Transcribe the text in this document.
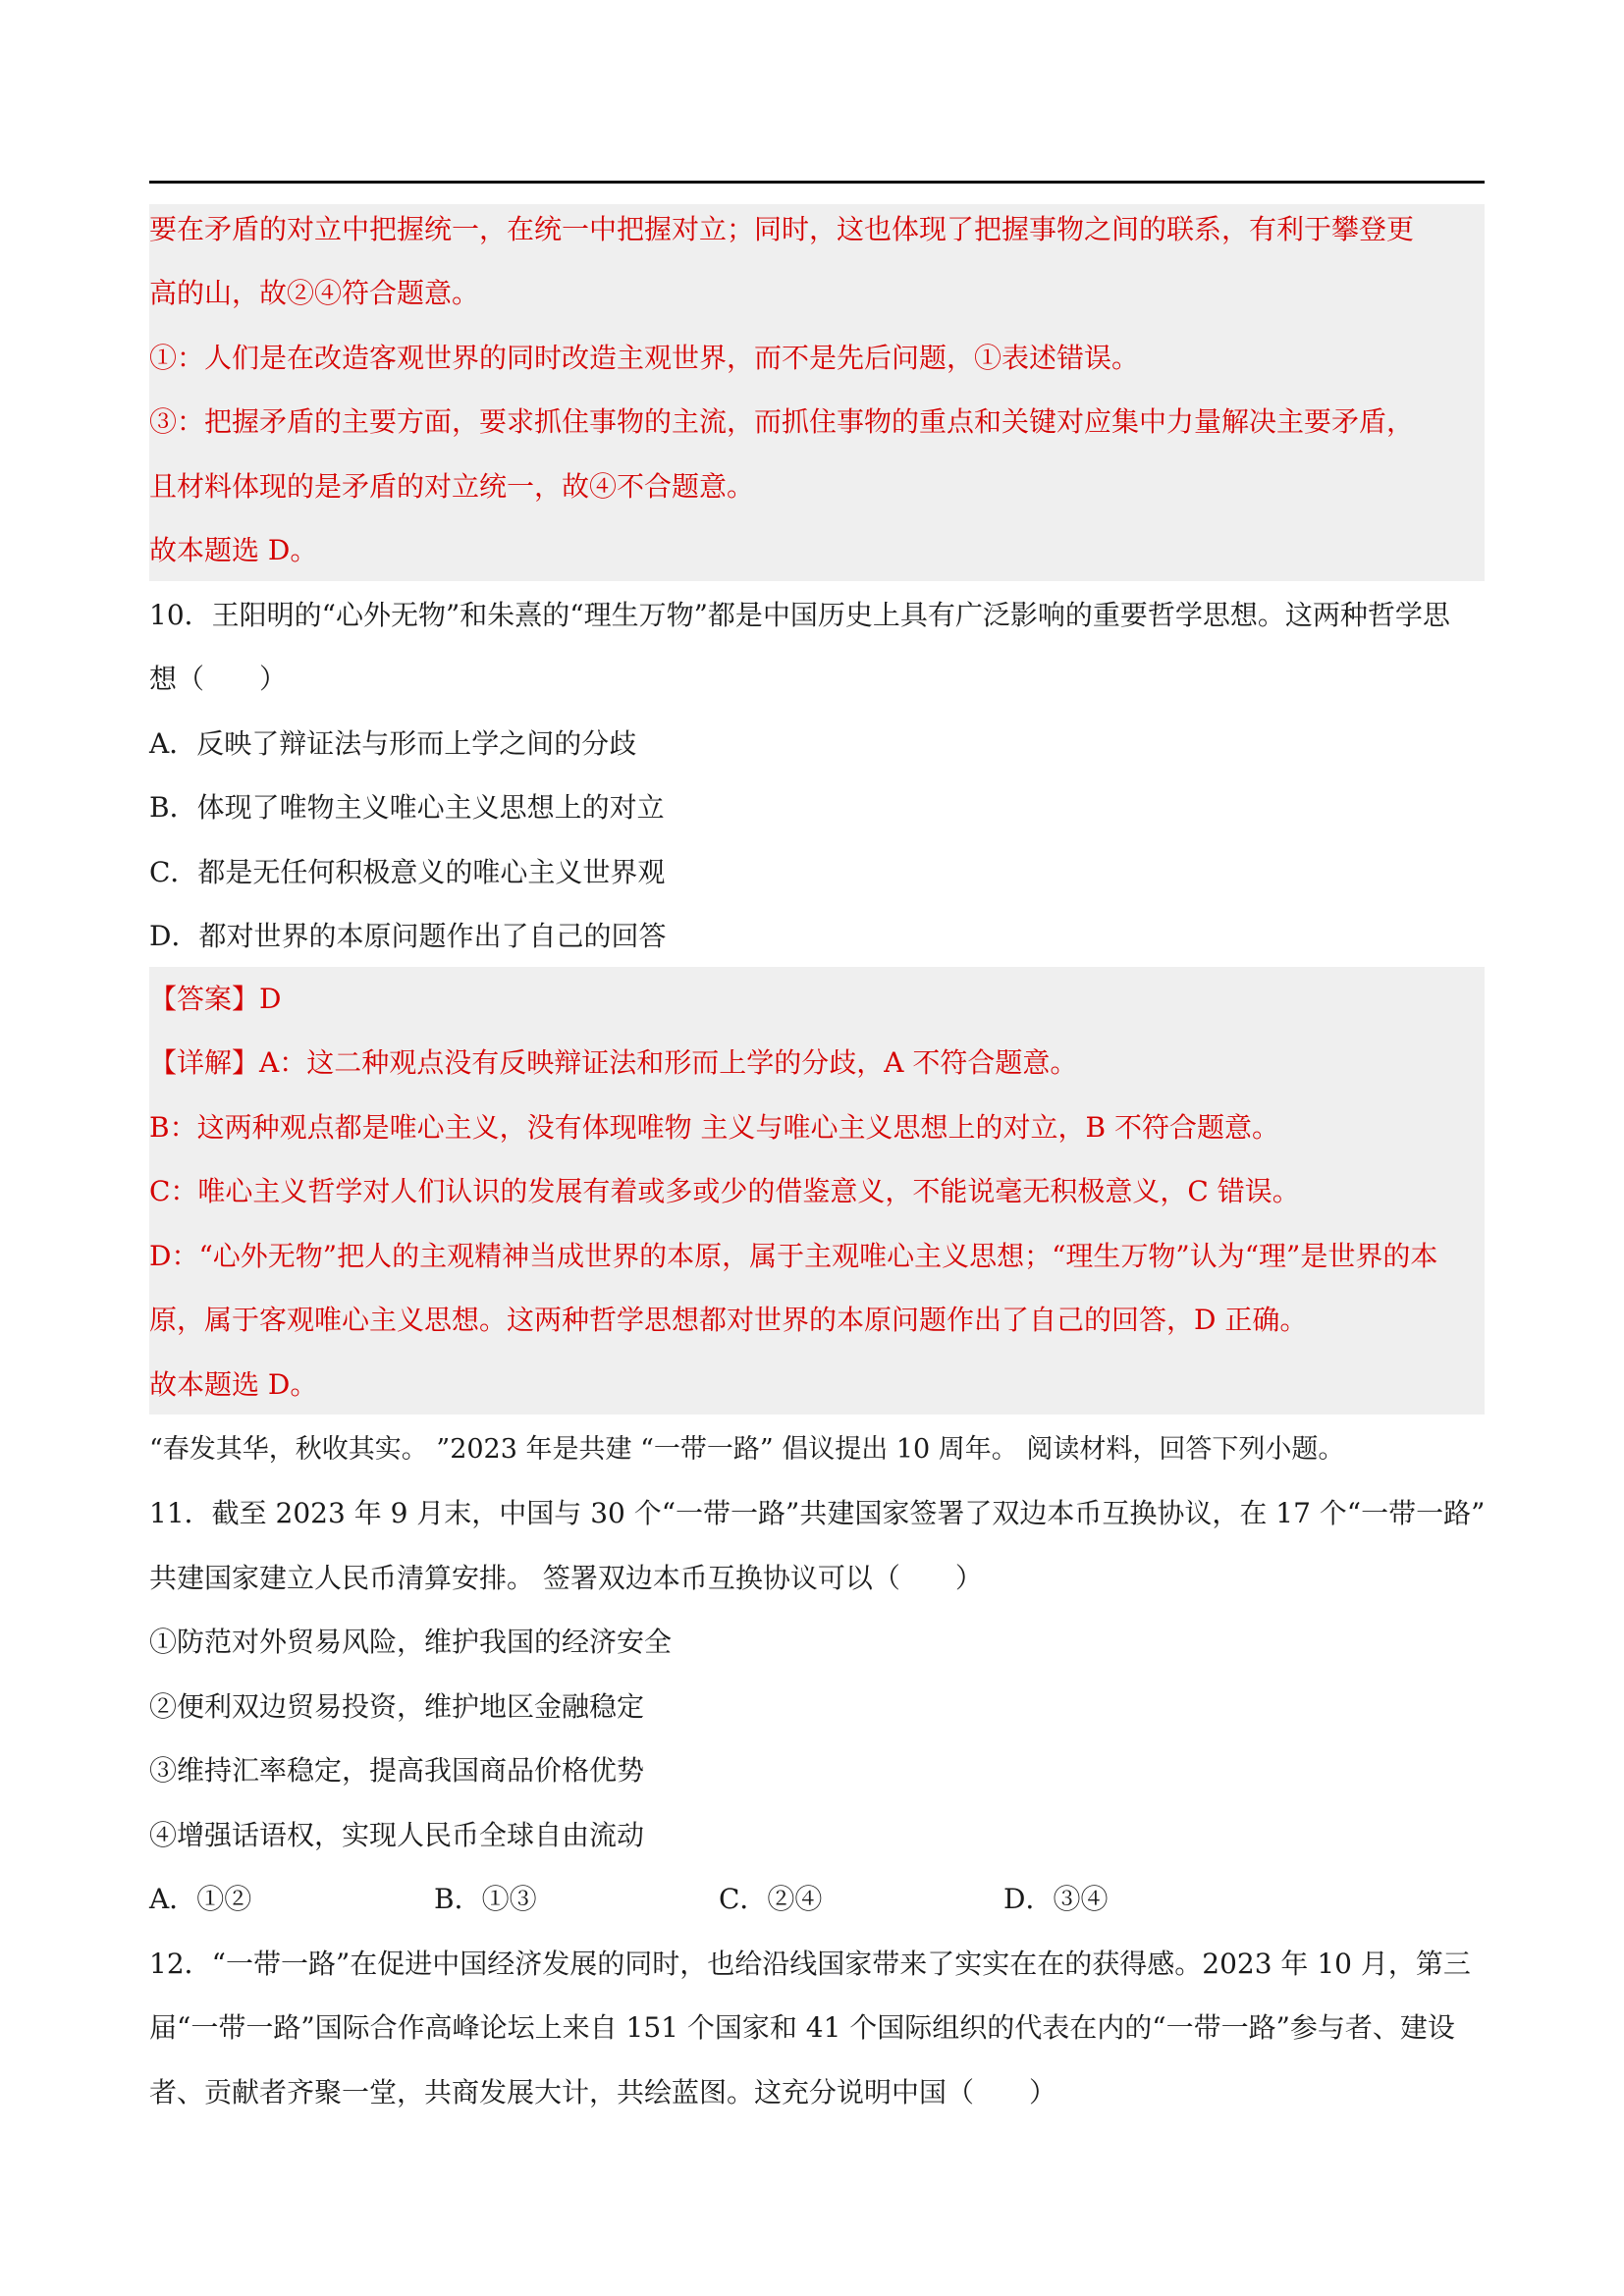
要在矛盾的对立中把握统一，在统一中把握对立；同时，这也体现了把握事物之间的联系，有利于攀登更
高的山，故②④符合题意。
①：人们是在改造客观世界的同时改造主观世界，而不是先后问题，①表述错误。
③：把握矛盾的主要方面，要求抓住事物的主流，而抓住事物的重点和关键对应集中力量解决主要矛盾，
且材料体现的是矛盾的对立统一，故④不合题意。
故本题选 D。
10．王阳明的“心外无物”和朱熹的“理生万物”都是中国历史上具有广泛影响的重要哲学思想。这两种哲学思
想（　　）
A．反映了辩证法与形而上学之间的分歧
B．体现了唯物主义唯心主义思想上的对立
C．都是无任何积极意义的唯心主义世界观
D．都对世界的本原问题作出了自己的回答
【答案】D
【详解】A：这二种观点没有反映辩证法和形而上学的分歧，A 不符合题意。
B：这两种观点都是唯心主义，没有体现唯物 主义与唯心主义思想上的对立，B 不符合题意。
C：唯心主义哲学对人们认识的发展有着或多或少的借鉴意义，不能说毫无积极意义，C 错误。
D：“心外无物”把人的主观精神当成世界的本原，属于主观唯心主义思想；“理生万物”认为“理”是世界的本
原，属于客观唯心主义思想。这两种哲学思想都对世界的本原问题作出了自己的回答，D 正确。
故本题选 D。
“春发其华，秋收其实。 ”2023 年是共建 “一带一路” 倡议提出 10 周年。 阅读材料，回答下列小题。
11．截至 2023 年 9 月末，中国与 30 个“一带一路”共建国家签署了双边本币互换协议，在 17 个“一带一路”
共建国家建立人民币清算安排。 签署双边本币互换协议可以（　　）
①防范对外贸易风险，维护我国的经济安全
②便利双边贸易投资，维护地区金融稳定
③维持汇率稳定，提高我国商品价格优势
④增强话语权，实现人民币全球自由流动
A．①②	B．①③	C．②④	D．③④
12．“一带一路”在促进中国经济发展的同时，也给沿线国家带来了实实在在的获得感。2023 年 10 月，第三
届“一带一路”国际合作高峰论坛上来自 151 个国家和 41 个国际组织的代表在内的“一带一路”参与者、建设
者、贡献者齐聚一堂，共商发展大计，共绘蓝图。这充分说明中国（　　）
